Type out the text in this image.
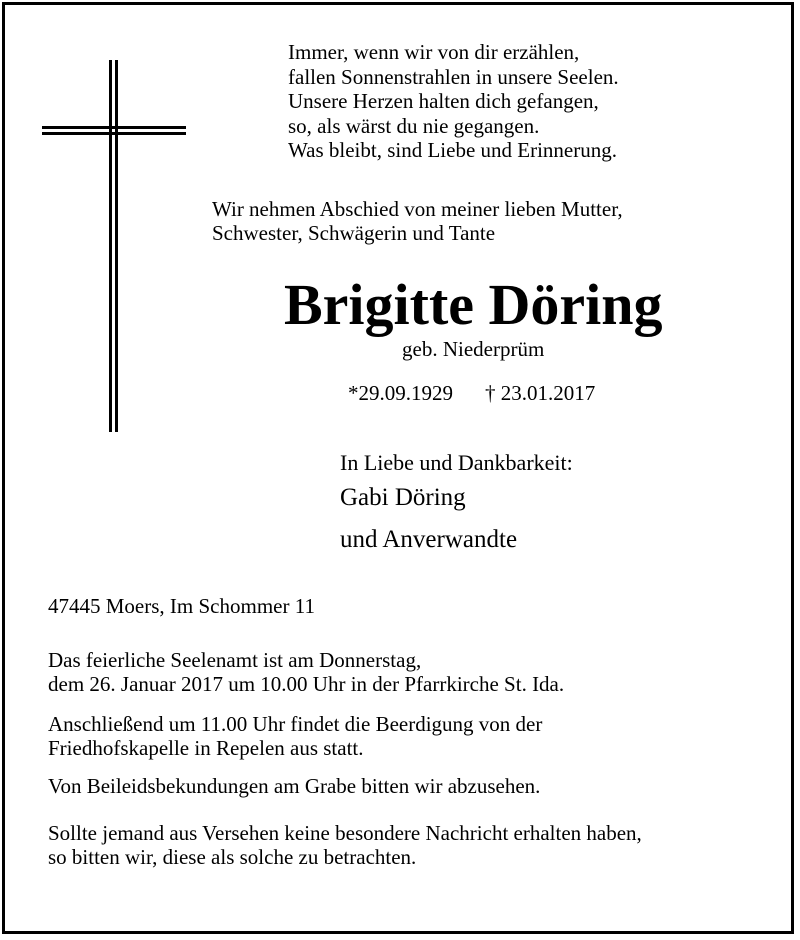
Immer, wenn wir von dir erzählen,
fallen Sonnenstrahlen in unsere Seelen.
Unsere Herzen halten dich gefangen,
so, als wärst du nie gegangen.
Was bleibt, sind Liebe und Erinnerung.
Wir nehmen Abschied von meiner lieben Mutter,
Schwester, Schwägerin und Tante
Brigitte Döring
geb. Niederprüm
*29.09.1929 † 23.01.2017
In Liebe und Dankbarkeit:
Gabi Döring
und Anverwandte
47445 Moers, Im Schommer 11
Das feierliche Seelenamt ist am Donnerstag,
dem 26. Januar 2017 um 10.00 Uhr in der Pfarrkirche St. Ida.
Anschließend um 11.00 Uhr findet die Beerdigung von der
Friedhofskapelle in Repelen aus statt.
Von Beileidsbekundungen am Grabe bitten wir abzusehen.
Sollte jemand aus Versehen keine besondere Nachricht erhalten haben,
so bitten wir, diese als solche zu betrachten.
